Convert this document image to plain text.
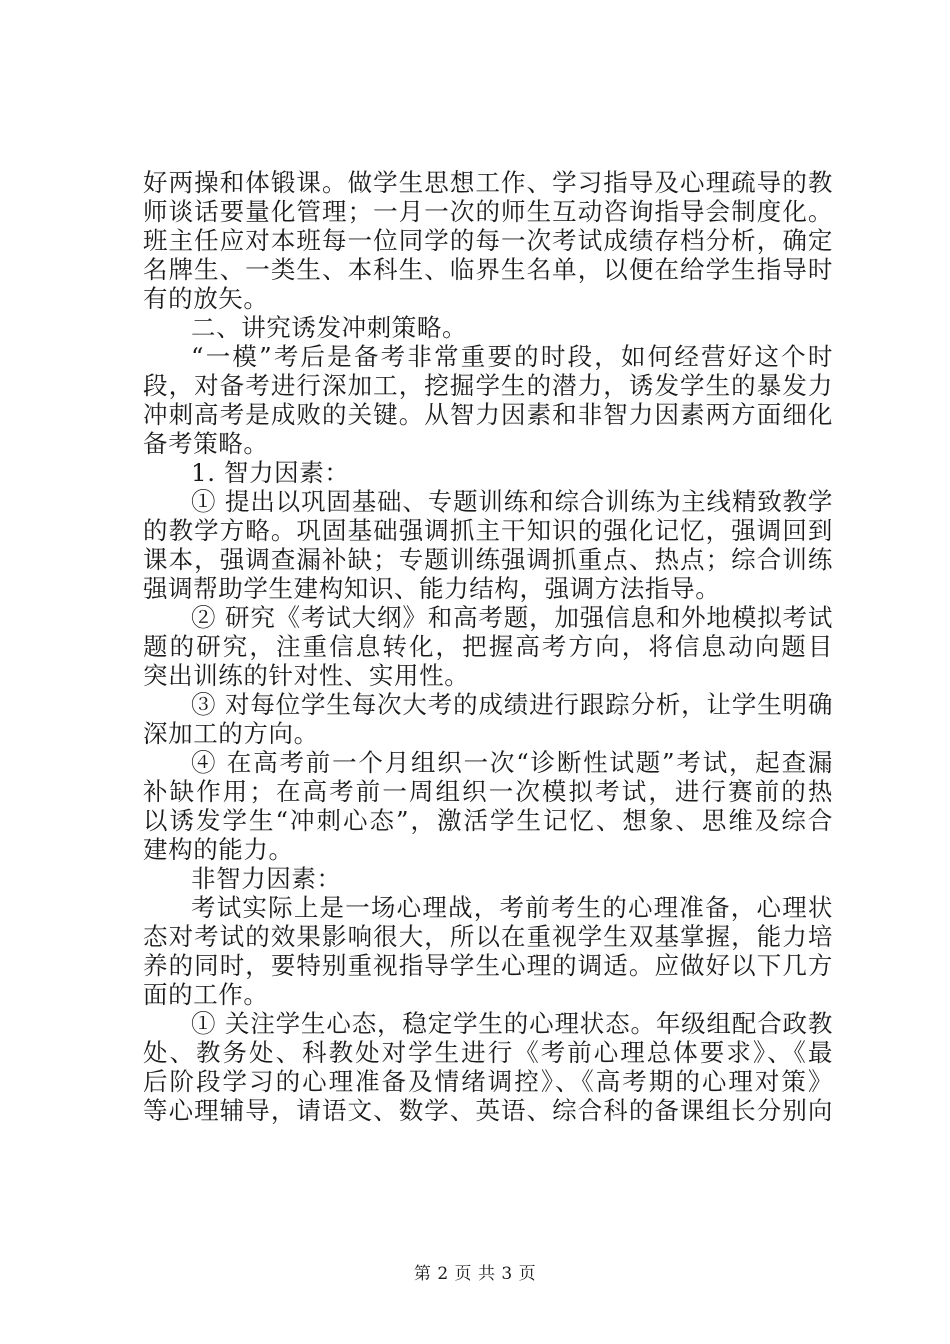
好两操和体锻课。做学生思想工作、学习指导及心理疏导的教
师谈话要量化管理；一月一次的师生互动咨询指导会制度化。
班主任应对本班每一位同学的每一次考试成绩存档分析，确定
名牌生、一类生、本科生、临界生名单，以便在给学生指导时
有的放矢。
二、讲究诱发冲刺策略。
“一模”考后是备考非常重要的时段，如何经营好这个时
段，对备考进行深加工，挖掘学生的潜力，诱发学生的暴发力
冲刺高考是成败的关键。从智力因素和非智力因素两方面细化
备考策略。
1. 智力因素：
① 提出以巩固基础、专题训练和综合训练为主线精致教学
的教学方略。巩固基础强调抓主干知识的强化记忆，强调回到
课本，强调查漏补缺；专题训练强调抓重点、热点；综合训练
强调帮助学生建构知识、能力结构，强调方法指导。
② 研究《考试大纲》和高考题，加强信息和外地模拟考试
题的研究，注重信息转化，把握高考方向，将信息动向题目
突出训练的针对性、实用性。
③ 对每位学生每次大考的成绩进行跟踪分析，让学生明确
深加工的方向。
④ 在高考前一个月组织一次“诊断性试题”考试，起查漏
补缺作用；在高考前一周组织一次模拟考试，进行赛前的热
以诱发学生“冲刺心态”，激活学生记忆、想象、思维及综合
建构的能力。
非智力因素：
考试实际上是一场心理战，考前考生的心理准备，心理状
态对考试的效果影响很大，所以在重视学生双基掌握，能力培
养的同时，要特别重视指导学生心理的调适。应做好以下几方
面的工作。
① 关注学生心态，稳定学生的心理状态。年级组配合政教
处、教务处、科教处对学生进行《考前心理总体要求》、《最
后阶段学习的心理准备及情绪调控》、《高考期的心理对策》
等心理辅导，请语文、数学、英语、综合科的备课组长分别向
第 2 页 共 3 页
